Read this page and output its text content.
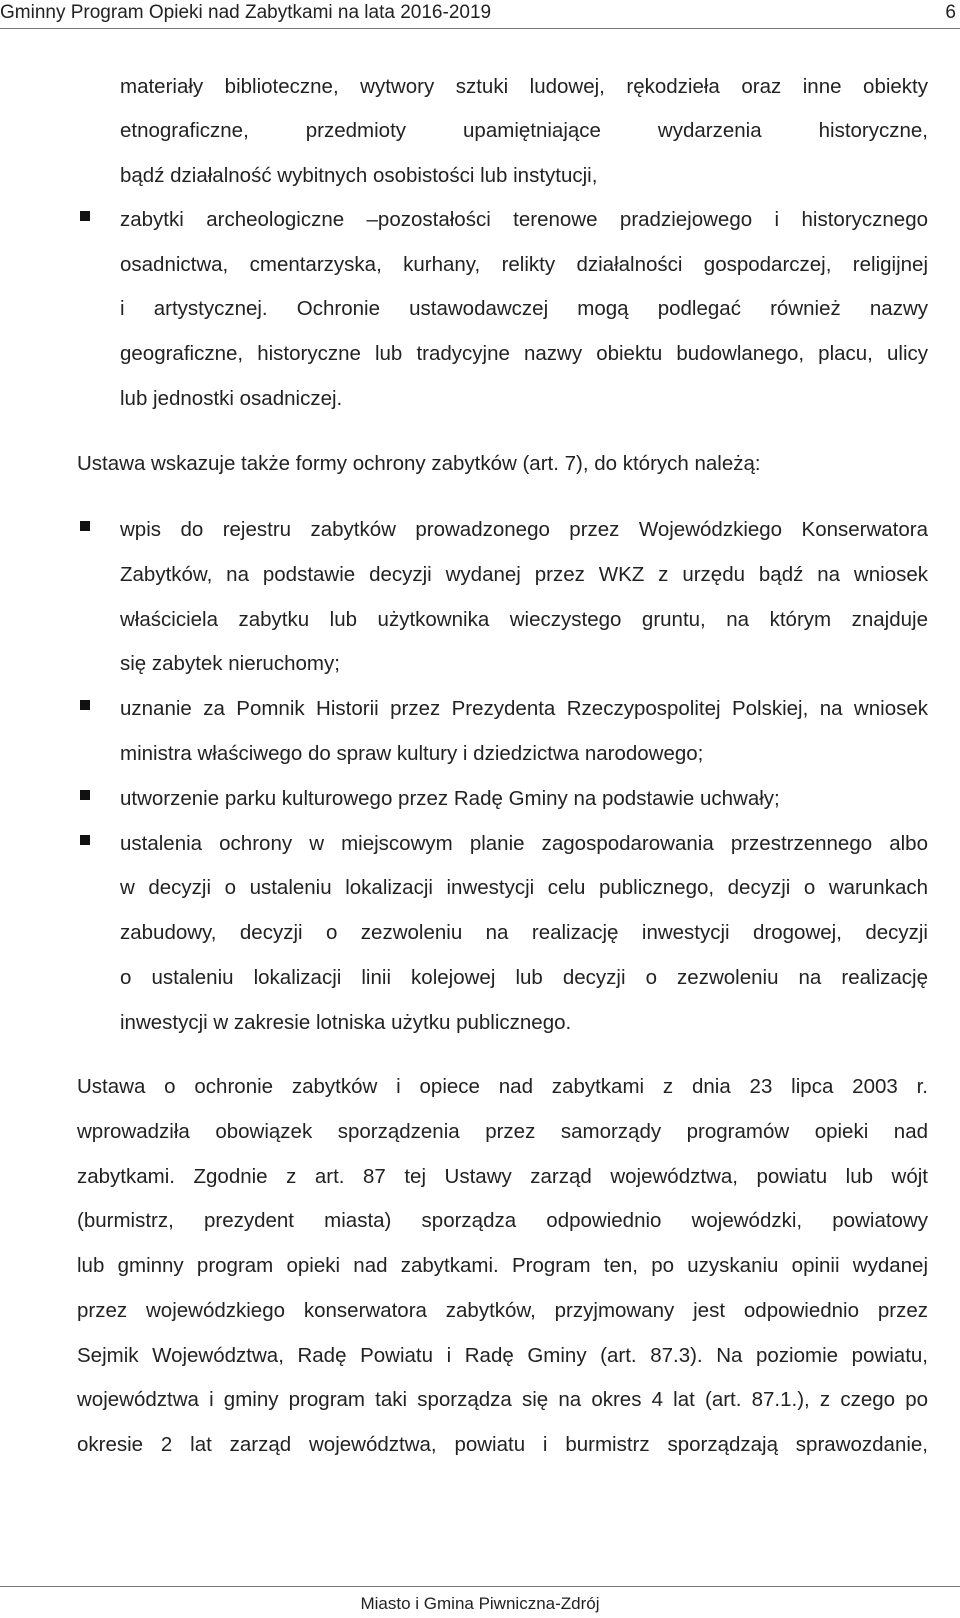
Gminny Program Opieki nad Zabytkami na lata 2016-2019	6
materiały biblioteczne, wytwory sztuki ludowej, rękodzieła oraz inne obiekty
etnograficzne, przedmioty upamiętniające wydarzenia historyczne,
bądź działalność wybitnych osobistości lub instytucji,
zabytki archeologiczne –pozostałości terenowe pradziejowego i historycznego
osadnictwa, cmentarzyska, kurhany, relikty działalności gospodarczej, religijnej
i artystycznej. Ochronie ustawodawczej mogą podlegać również nazwy
geograficzne, historyczne lub tradycyjne nazwy obiektu budowlanego, placu, ulicy
lub jednostki osadniczej.
Ustawa wskazuje także formy ochrony zabytków (art. 7), do których należą:
wpis do rejestru zabytków prowadzonego przez Wojewódzkiego Konserwatora
Zabytków, na podstawie decyzji wydanej przez WKZ z urzędu bądź na wniosek
właściciela zabytku lub użytkownika wieczystego gruntu, na którym znajduje
się zabytek nieruchomy;
uznanie za Pomnik Historii przez Prezydenta Rzeczypospolitej Polskiej, na wniosek
ministra właściwego do spraw kultury i dziedzictwa narodowego;
utworzenie parku kulturowego przez Radę Gminy na podstawie uchwały;
ustalenia ochrony w miejscowym planie zagospodarowania przestrzennego albo
w decyzji o ustaleniu lokalizacji inwestycji celu publicznego, decyzji o warunkach
zabudowy, decyzji o zezwoleniu na realizację inwestycji drogowej, decyzji
o ustaleniu lokalizacji linii kolejowej lub decyzji o zezwoleniu na realizację
inwestycji w zakresie lotniska użytku publicznego.
Ustawa o ochronie zabytków i opiece nad zabytkami z dnia 23 lipca 2003 r.
wprowadziła obowiązek sporządzenia przez samorządy programów opieki nad
zabytkami. Zgodnie z art. 87 tej Ustawy zarząd województwa, powiatu lub wójt
(burmistrz, prezydent miasta) sporządza odpowiednio wojewódzki, powiatowy
lub gminny program opieki nad zabytkami. Program ten, po uzyskaniu opinii wydanej
przez wojewódzkiego konserwatora zabytków, przyjmowany jest odpowiednio przez
Sejmik Województwa, Radę Powiatu i Radę Gminy (art. 87.3). Na poziomie powiatu,
województwa i gminy program taki sporządza się na okres 4 lat (art. 87.1.), z czego po
okresie 2 lat zarząd województwa, powiatu i burmistrz sporządzają sprawozdanie,
Miasto i Gmina Piwniczna-Zdrój
